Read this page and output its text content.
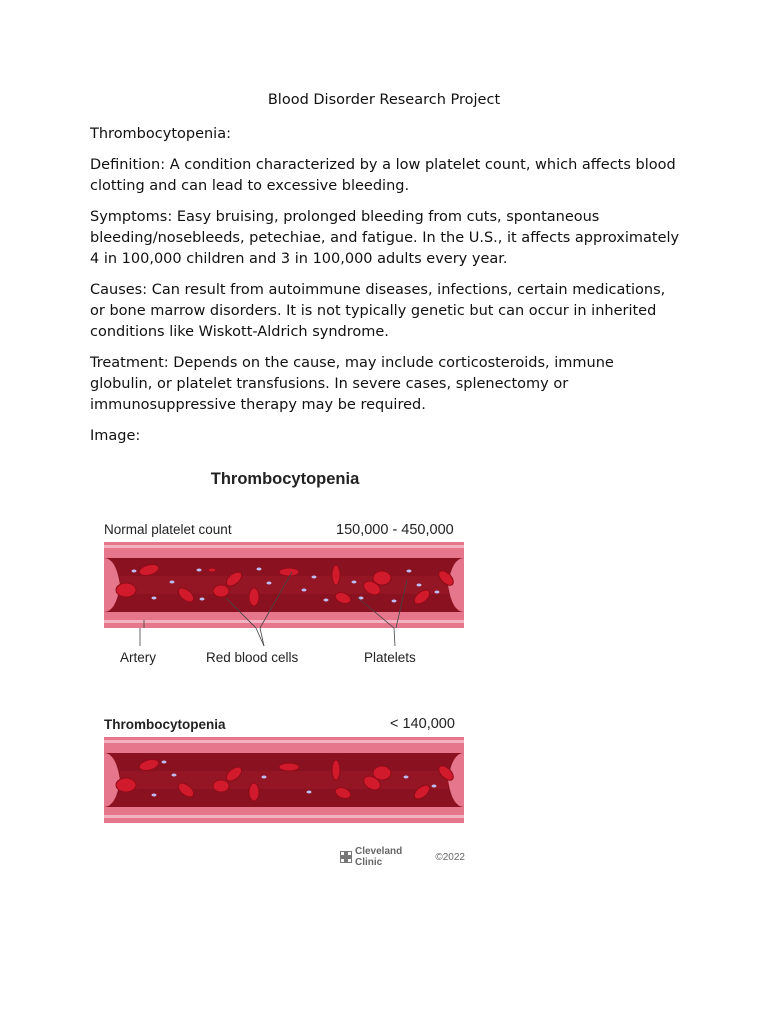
Blood Disorder Research Project

Thrombocytopenia:

Definition: A condition characterized by a low platelet count, which affects blood clotting and can lead to excessive bleeding.

Symptoms: Easy bruising, prolonged bleeding from cuts, spontaneous bleeding/nosebleeds, petechiae, and fatigue. In the U.S., it affects approximately 4 in 100,000 children and 3 in 100,000 adults every year.

Causes: Can result from autoimmune diseases, infections, certain medications, or bone marrow disorders. It is not typically genetic but can occur in inherited conditions like Wiskott-Aldrich syndrome.

Treatment: Depends on the cause, may include corticosteroids, immune globulin, or platelet transfusions. In severe cases, splenectomy or immunosuppressive therapy may be required.

Image:

Thrombocytopenia
Normal platelet count	150,000 - 450,000
Artery	Red blood cells	Platelets
Thrombocytopenia	< 140,000
Cleveland Clinic	©2022
